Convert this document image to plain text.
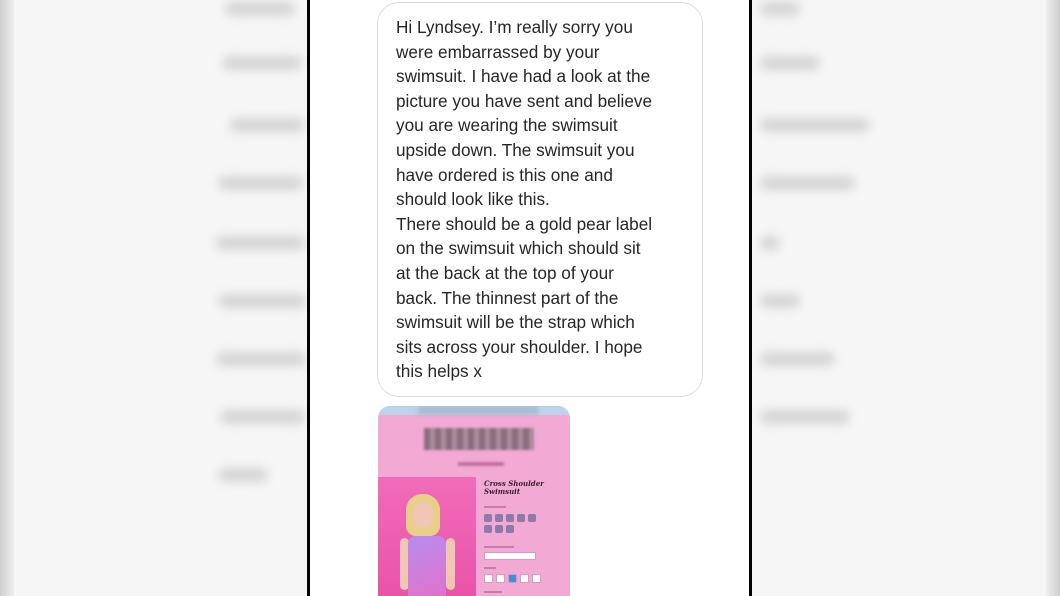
Hi Lyndsey. I’m really sorry you
were embarrassed by your
swimsuit. I have had a look at the
picture you have sent and believe
you are wearing the swimsuit
upside down. The swimsuit you
have ordered is this one and
should look like this.
There should be a gold pear label
on the swimsuit which should sit
at the back at the top of your
back. The thinnest part of the
swimsuit will be the strap which
sits across your shoulder. I hope
this helps x

Cross Shoulder Swimsuit
